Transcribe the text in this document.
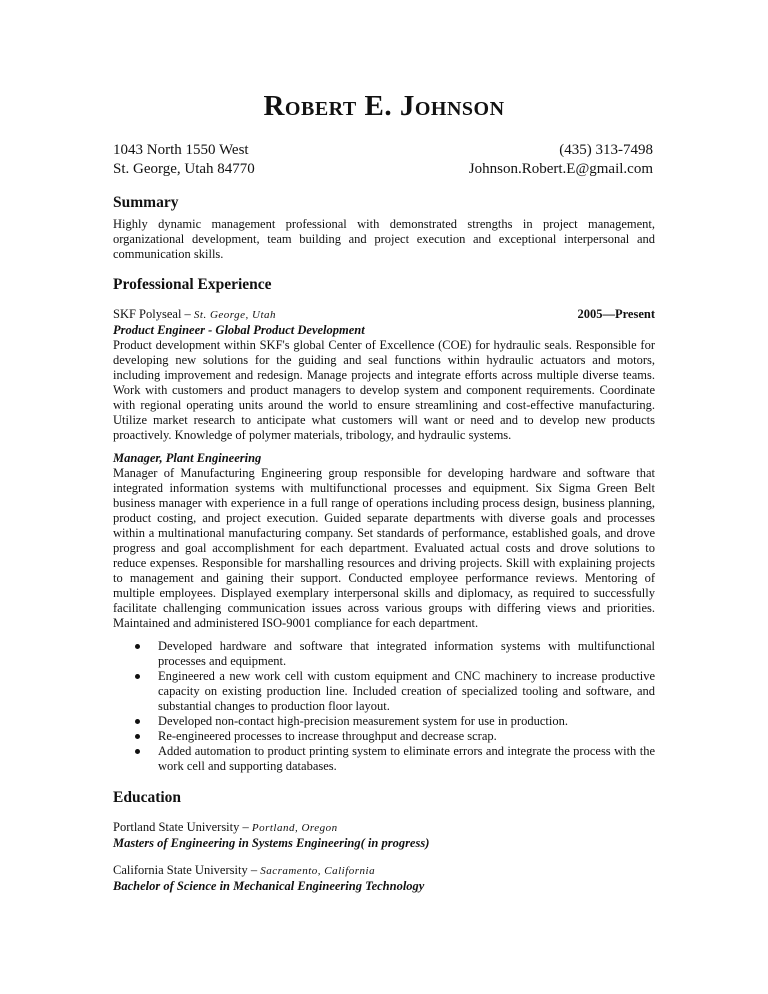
Robert E. Johnson
1043 North 1550 West
St. George, Utah 84770
(435) 313-7498
Johnson.Robert.E@gmail.com
Summary
Highly dynamic management professional with demonstrated strengths in project management, organizational development, team building and project execution and exceptional interpersonal and communication skills.
Professional Experience
SKF Polyseal – St. George, Utah	2005—Present
Product Engineer - Global Product Development
Product development within SKF's global Center of Excellence (COE) for hydraulic seals. Responsible for developing new solutions for the guiding and seal functions within hydraulic actuators and motors, including improvement and redesign. Manage projects and integrate efforts across multiple diverse teams. Work with customers and product managers to develop system and component requirements. Coordinate with regional operating units around the world to ensure streamlining and cost-effective manufacturing. Utilize market research to anticipate what customers will want or need and to develop new products proactively. Knowledge of polymer materials, tribology, and hydraulic systems.
Manager, Plant Engineering
Manager of Manufacturing Engineering group responsible for developing hardware and software that integrated information systems with multifunctional processes and equipment. Six Sigma Green Belt business manager with experience in a full range of operations including process design, business planning, product costing, and project execution. Guided separate departments with diverse goals and processes within a multinational manufacturing company. Set standards of performance, established goals, and drove progress and goal accomplishment for each department. Evaluated actual costs and drove solutions to reduce expenses. Responsible for marshalling resources and driving projects. Skill with explaining projects to management and gaining their support. Conducted employee performance reviews. Mentoring of multiple employees. Displayed exemplary interpersonal skills and diplomacy, as required to successfully facilitate challenging communication issues across various groups with differing views and priorities. Maintained and administered ISO-9001 compliance for each department.
Developed hardware and software that integrated information systems with multifunctional processes and equipment.
Engineered a new work cell with custom equipment and CNC machinery to increase productive capacity on existing production line. Included creation of specialized tooling and software, and substantial changes to production floor layout.
Developed non-contact high-precision measurement system for use in production.
Re-engineered processes to increase throughput and decrease scrap.
Added automation to product printing system to eliminate errors and integrate the process with the work cell and supporting databases.
Education
Portland State University – Portland, Oregon
Masters of Engineering in Systems Engineering( in progress)
California State University – Sacramento, California
Bachelor of Science in Mechanical Engineering Technology
